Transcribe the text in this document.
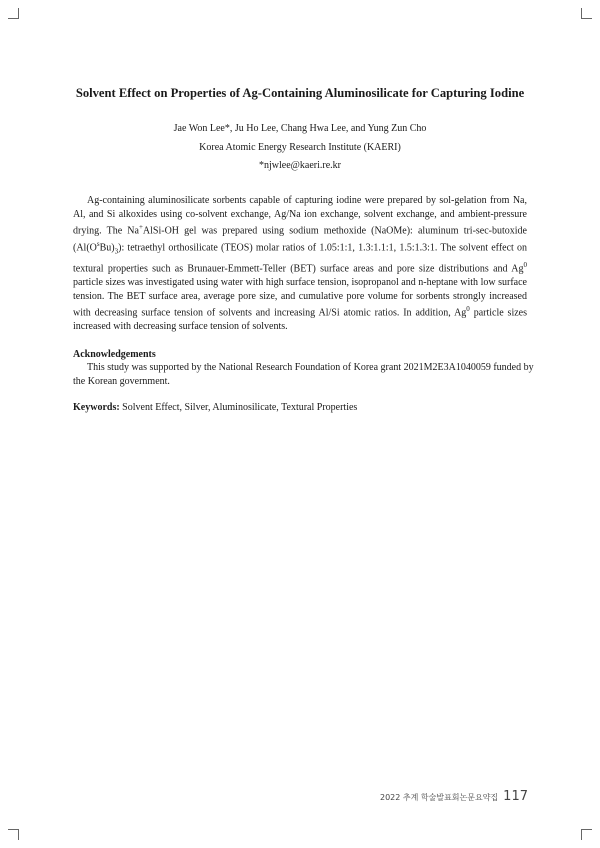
Solvent Effect on Properties of Ag-Containing Aluminosilicate for Capturing Iodine
Jae Won Lee*, Ju Ho Lee, Chang Hwa Lee, and Yung Zun Cho
Korea Atomic Energy Research Institute (KAERI)
*njwlee@kaeri.re.kr

Ag-containing aluminosilicate sorbents capable of capturing iodine were prepared by sol-gelation from Na, Al, and Si alkoxides using co-solvent exchange, Ag/Na ion exchange, solvent exchange, and ambient-pressure drying. The Na+AlSi-OH gel was prepared using sodium methoxide (NaOMe): aluminum tri-sec-butoxide $(Al(O^sBu)_3)$: tetraethyl orthosilicate (TEOS) molar ratios of 1.05:1:1, 1.3:1.1:1, 1.5:1.3:1. The solvent effect on textural properties such as Brunauer-Emmett-Teller (BET) surface areas and pore size distributions and Ag$^0$ particle sizes was investigated using water with high surface tension, isopropanol and n-heptane with low surface tension. The BET surface area, average pore size, and cumulative pore volume for sorbents strongly increased with decreasing surface tension of solvents and increasing Al/Si atomic ratios. In addition, Ag$^0$ particle sizes increased with decreasing surface tension of solvents.

Acknowledgements

This study was supported by the National Research Foundation of Korea grant 2021M2E3A1040059 funded by the Korean government.

Keywords: Solvent Effect, Silver, Aluminosilicate, Textural Properties
2022 추계 학술발표회논문요약집 117
